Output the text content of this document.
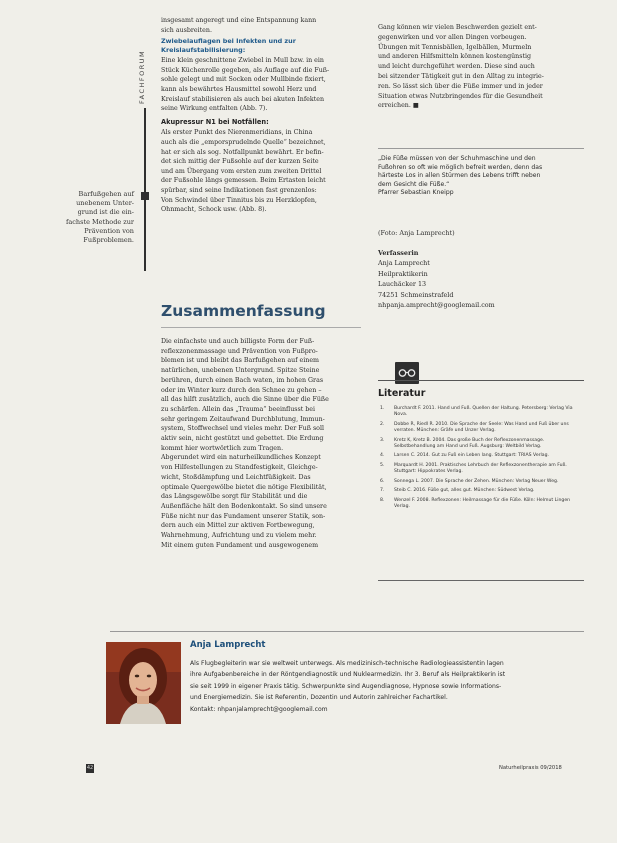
FACHFORUM
Barfußgehen auf
unebenem Unter-
grund ist die ein-
fachste Methode zur
Prävention von
Fußproblemen.

insgesamt angeregt und eine Entspannung kann

sich ausbreiten.

Zwiebelauflagen bei Infekten und zur
Kreislaufstabilisierung:

Eine klein geschnittene Zwiebel in Mull bzw. in ein

Stück Küchenrolle gegeben, als Auflage auf die Fuß-

sohle gelegt und mit Socken oder Mullbinde fixiert,

kann als bewährtes Hausmittel sowohl Herz und

Kreislauf stabilisieren als auch bei akuten Infekten

seine Wirkung entfalten (Abb. 7).

Akupressur N1 bei Notfällen:

Als erster Punkt des Nierenmeridians, in China

auch als die „emporsprudelnde Quelle“ bezeichnet,

hat er sich als sog. Notfallpunkt bewährt. Er befin-

det sich mittig der Fußsohle auf der kurzen Seite

und am Übergang vom ersten zum zweiten Drittel

der Fußsohle längs gemessen. Beim Ertasten leicht

spürbar, sind seine Indikationen fast grenzenlos:

Von Schwindel über Tinnitus bis zu Herzklopfen,

Ohnmacht, Schock usw. (Abb. 8).

Zusammenfassung

Die einfachste und auch billigste Form der Fuß-

reflexzonenmassage und Prävention von Fußpro-

blemen ist und bleibt das Barfußgehen auf einem

natürlichen, unebenen Untergrund. Spitze Steine

berühren, durch einen Bach waten, im hohen Gras

oder im Winter kurz durch den Schnee zu gehen –

all das hilft zusätzlich, auch die Sinne über die Füße

zu schärfen. Allein das „Trauma“ beeinflusst bei

sehr geringem Zeitaufwand Durchblutung, Immun-

system, Stoffwechsel und vieles mehr. Der Fuß soll

aktiv sein, nicht gestützt und gebettet. Die Erdung

kommt hier wortwörtlich zum Tragen.

Abgerundet wird ein naturheilkundliches Konzept

von Hilfestellungen zu Standfestigkeit, Gleichge-

wicht, Stoßdämpfung und Leichtfüßigkeit. Das

optimale Quergewölbe bietet die nötige Flexibilität,

das Längsgewölbe sorgt für Stabilität und die

Außenfläche hält den Bodenkontakt. So sind unsere

Füße nicht nur das Fundament unserer Statik, son-

dern auch ein Mittel zur aktiven Fortbewegung,

Wahrnehmung, Aufrichtung und zu vielem mehr.

Mit einem guten Fundament und ausgewogenem

Gang können wir vielen Beschwerden gezielt ent-

gegenwirken und vor allen Dingen vorbeugen.

Übungen mit Tennisbällen, Igelbällen, Murmeln

und anderen Hilfsmitteln können kostengünstig

und leicht durchgeführt werden. Diese sind auch

bei sitzender Tätigkeit gut in den Alltag zu integrie-

ren. So lässt sich über die Füße immer und in jeder

Situation etwas Nutzbringendes für die Gesundheit

erreichen. ■

„Die Füße müssen von der Schuhmaschine und den
Fußohren so oft wie möglich befreit werden, denn das
härteste Los in allen Stürmen des Lebens trifft neben
dem Gesicht die Füße.“
Pfarrer Sebastian Kneipp
(Foto: Anja Lamprecht)
Verfasserin
Anja Lamprecht
Heilpraktikerin
Lauchäcker 13
74251 Schmeinstrafeld
nhpanja.amprecht@googlemail.com
Literatur
1.	Burchardt F. 2011. Hand und Fuß. Quellen der Haltung. Petersberg: Verlag Via Nova.
2.	Dobbe R, Riedl R. 2010. Die Sprache der Seele: Was Hand und Fuß über uns verraten. München: Gräfe und Unzer Verlag.
3.	Kretz K, Kretz B. 2004. Das große Buch der Reflexzonenmassage. Selbstbehandlung am Hand und Fuß. Augsburg: Weltbild Verlag.
4.	Larsen C. 2014. Gut zu Fuß ein Leben lang. Stuttgart: TRIAS Verlag.
5.	Marquardt H. 2001. Praktisches Lehrbuch der Reflexzonentherapie am Fuß. Stuttgart: Hippokrates Verlag.
6.	Sonnega L. 2007. Die Sprache der Zehen. München: Verlag Neuer Weg.
7.	Steib C. 2016. Füße gut, alles gut. München: Südwest Verlag.
8.	Wenzel F. 2008. Reflexzonen: Heilmassage für die Füße. Köln: Helmut Lingen Verlag.
Anja Lamprecht
Als Flugbegleiterin war sie weltweit unterwegs. Als medizinisch-technische Radiologieassistentin lagen
ihre Aufgabenbereiche in der Röntgendiagnostik und Nuklearmedizin. Ihr 3. Beruf als Heilpraktikerin ist
sie seit 1999 in eigener Praxis tätig. Schwerpunkte sind Augendiagnose, Hypnose sowie Informations-
und Energiemedizin. Sie ist Referentin, Dozentin und Autorin zahlreicher Fachartikel.
Kontakt: nhpanjalamprecht@googlemail.com
42	Naturheilpraxis 09/2018
